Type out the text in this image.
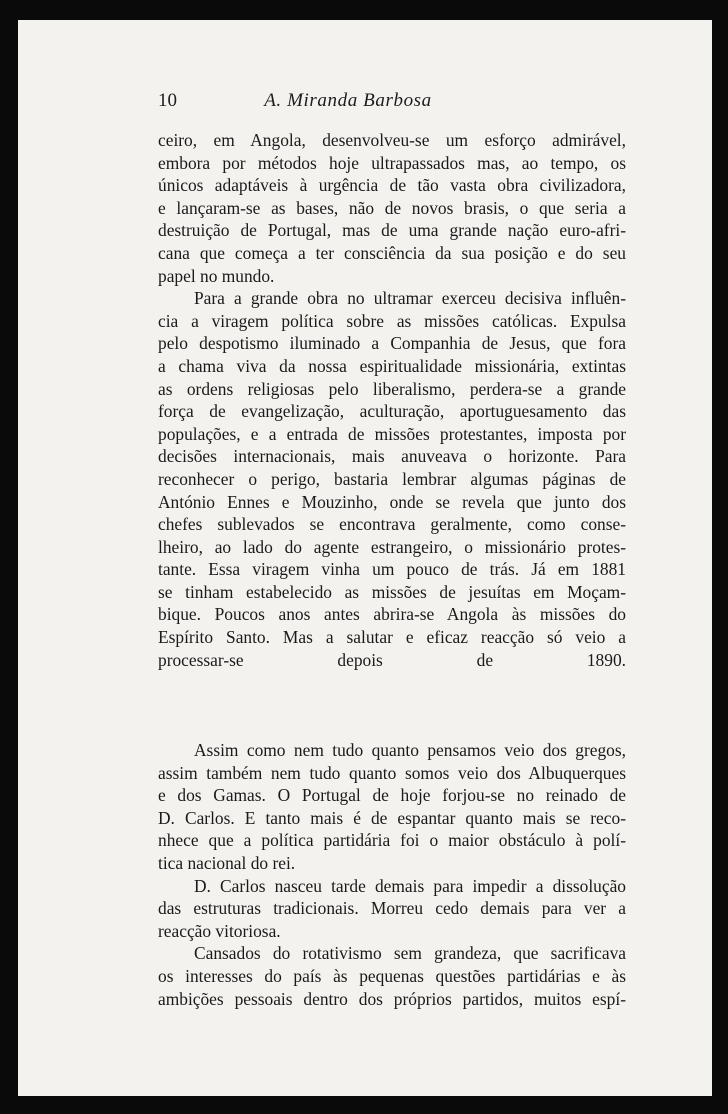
10	A. Miranda Barbosa
ceiro, em Angola, desenvolveu-se um esforço admirável,
embora por métodos hoje ultrapassados mas, ao tempo, os
únicos adaptáveis à urgência de tão vasta obra civilizadora,
e lançaram-se as bases, não de novos brasis, o que seria a
destruição de Portugal, mas de uma grande nação euro-afri-
cana que começa a ter consciência da sua posição e do seu
papel no mundo.
Para a grande obra no ultramar exerceu decisiva influên-
cia a viragem política sobre as missões católicas. Expulsa
pelo despotismo iluminado a Companhia de Jesus, que fora
a chama viva da nossa espiritualidade missionária, extintas
as ordens religiosas pelo liberalismo, perdera-se a grande
força de evangelização, aculturação, aportuguesamento das
populações, e a entrada de missões protestantes, imposta por
decisões internacionais, mais anuveava o horizonte. Para
reconhecer o perigo, bastaria lembrar algumas páginas de
António Ennes e Mouzinho, onde se revela que junto dos
chefes sublevados se encontrava geralmente, como conse-
lheiro, ao lado do agente estrangeiro, o missionário protes-
tante. Essa viragem vinha um pouco de trás. Já em 1881
se tinham estabelecido as missões de jesuítas em Moçam-
bique. Poucos anos antes abrira-se Angola às missões do
Espírito Santo. Mas a salutar e eficaz reacção só veio a
processar-se depois de 1890.
Assim como nem tudo quanto pensamos veio dos gregos,
assim também nem tudo quanto somos veio dos Albuquerques
e dos Gamas. O Portugal de hoje forjou-se no reinado de
D. Carlos. E tanto mais é de espantar quanto mais se reco-
nhece que a política partidária foi o maior obstáculo à polí-
tica nacional do rei.
D. Carlos nasceu tarde demais para impedir a dissolução
das estruturas tradicionais. Morreu cedo demais para ver a
reacção vitoriosa.
Cansados do rotativismo sem grandeza, que sacrificava
os interesses do país às pequenas questões partidárias e às
ambições pessoais dentro dos próprios partidos, muitos espí-
